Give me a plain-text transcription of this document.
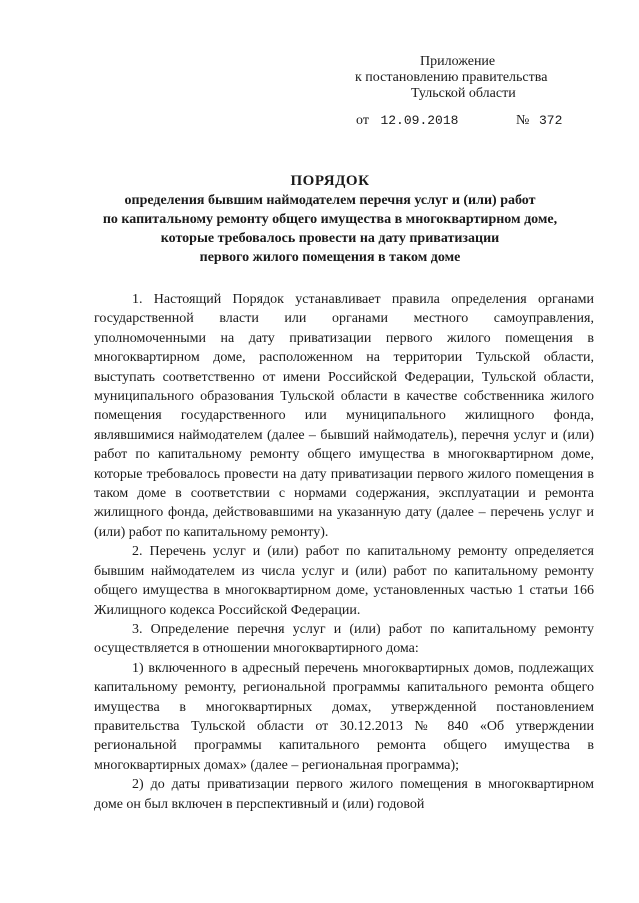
Приложение
к постановлению правительства
Тульской области
от 12.09.2018	№ 372
ПОРЯДОК
определения бывшим наймодателем перечня услуг и (или) работ
по капитальному ремонту общего имущества в многоквартирном доме,
которые требовалось провести на дату приватизации
первого жилого помещения в таком доме

1. Настоящий Порядок устанавливает правила определения органами государственной власти или органами местного самоуправления, уполномоченными на дату приватизации первого жилого помещения в многоквартирном доме, расположенном на территории Тульской области, выступать соответственно от имени Российской Федерации, Тульской области, муниципального образования Тульской области в качестве собственника жилого помещения государственного или муниципального жилищного фонда, являвшимися наймодателем (далее – бывший наймодатель), перечня услуг и (или) работ по капитальному ремонту общего имущества в многоквартирном доме, которые требовалось провести на дату приватизации первого жилого помещения в таком доме в соответствии с нормами содержания, эксплуатации и ремонта жилищного фонда, действовавшими на указанную дату (далее – перечень услуг и (или) работ по капитальному ремонту).

2. Перечень услуг и (или) работ по капитальному ремонту определяется бывшим наймодателем из числа услуг и (или) работ по капитальному ремонту общего имущества в многоквартирном доме, установленных частью 1 статьи 166 Жилищного кодекса Российской Федерации.

3. Определение перечня услуг и (или) работ по капитальному ремонту осуществляется в отношении многоквартирного дома:

1) включенного в адресный перечень многоквартирных домов, подлежащих капитальному ремонту, региональной программы капитального ремонта общего имущества в многоквартирных домах, утвержденной постановлением правительства Тульской области от 30.12.2013 № 840 «Об утверждении региональной программы капитального ремонта общего имущества в многоквартирных домах» (далее – региональная программа);

2) до даты приватизации первого жилого помещения в многоквартирном доме он был включен в перспективный и (или) годовой
